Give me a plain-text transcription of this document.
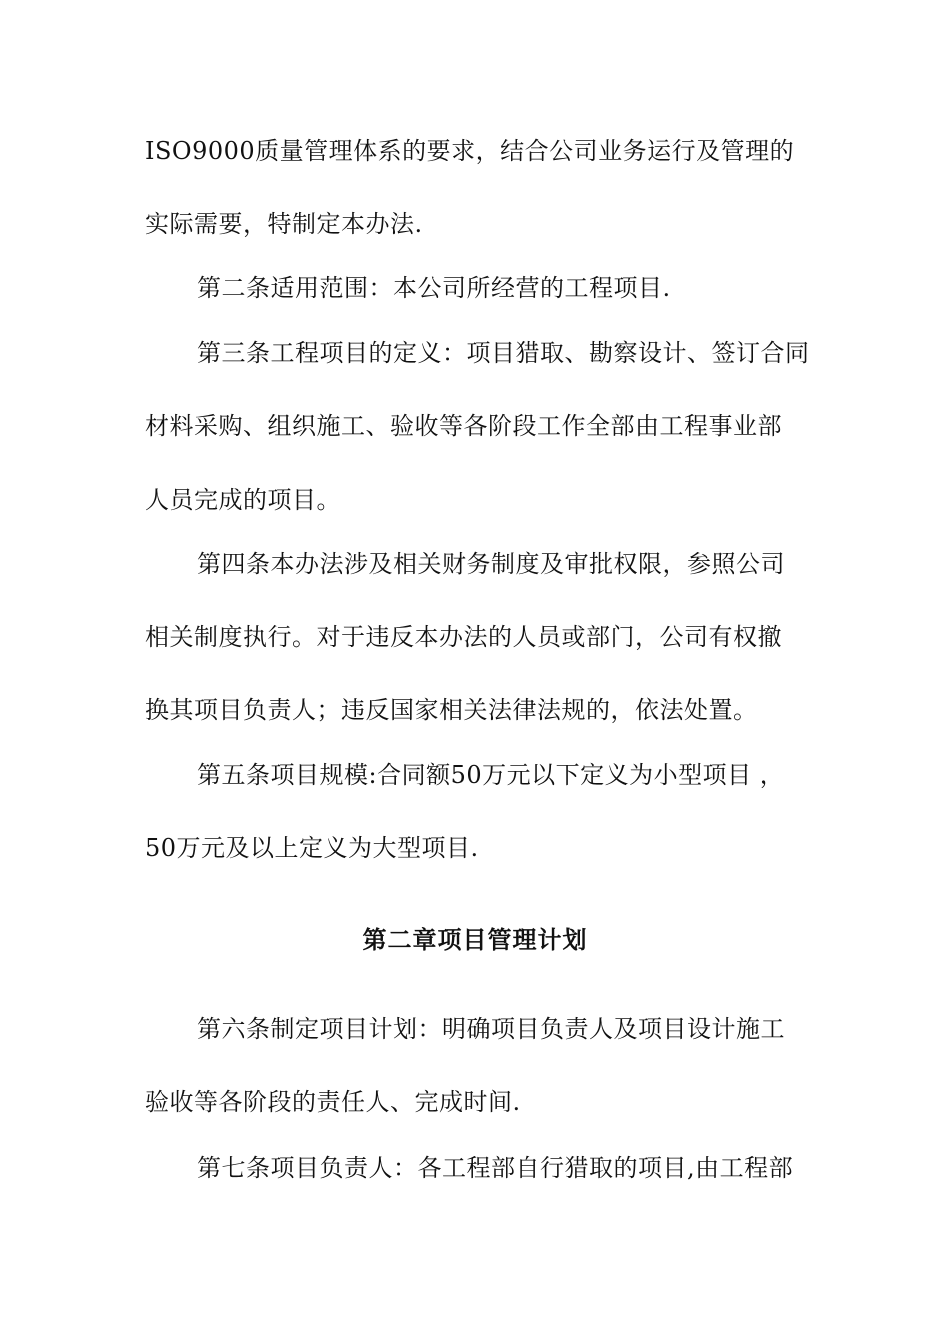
ISO9000质量管理体系的要求，结合公司业务运行及管理的
实际需要，特制定本办法.
第二条适用范围：本公司所经营的工程项目.
第三条工程项目的定义：项目猎取、勘察设计、签订合同
材料采购、组织施工、验收等各阶段工作全部由工程事业部
人员完成的项目。
第四条本办法涉及相关财务制度及审批权限，参照公司
相关制度执行。对于违反本办法的人员或部门，公司有权撤
换其项目负责人；违反国家相关法律法规的，依法处置。
第五条项目规模:合同额50万元以下定义为小型项目 ，
50万元及以上定义为大型项目.
第二章项目管理计划
第六条制定项目计划：明确项目负责人及项目设计施工
验收等各阶段的责任人、完成时间.
第七条项目负责人：各工程部自行猎取的项目,由工程部
